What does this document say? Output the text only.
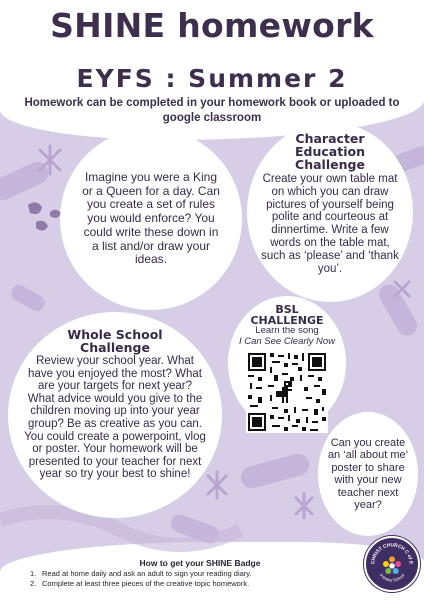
SHINE homework
EYFS : Summer 2
Homework can be completed in your homework book or uploaded to google classroom
Imagine you were a King or a Queen for a day. Can you create a set of rules you would enforce? You could write these down in a list and/or draw your ideas.
Character
Education
Challenge
Create your own table mat on which you can draw pictures of yourself being polite and courteous at dinnertime. Write a few words on the table mat, such as ‘please’ and ‘thank you’.
BSL
CHALLENGE
Learn the song
I Can See Clearly Now
Whole School
Challenge
Review your school year. What have you enjoyed the most? What are your targets for next year? What advice would you give to the children moving up into your year group? Be as creative as you can. You could create a powerpoint, vlog or poster. Your homework will be presented to your teacher for next year so try your best to shine!
Can you create an ‘all about me’ poster to share with your new teacher next year?
How to get your SHINE Badge
1. Read at home daily and ask an adult to sign your reading diary.
2. Complete at least three pieces of the creative topic homework.
CHRIST CHURCH C of E
Primary School
